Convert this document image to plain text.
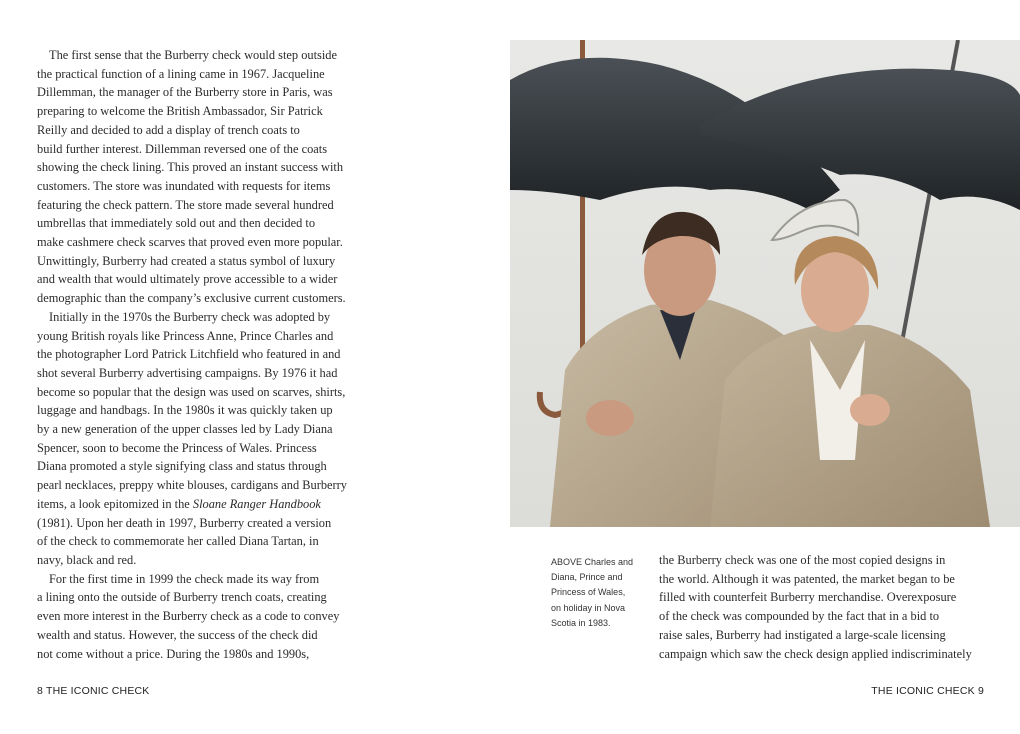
The first sense that the Burberry check would step outside
the practical function of a lining came in 1967. Jacqueline
Dillemman, the manager of the Burberry store in Paris, was
preparing to welcome the British Ambassador, Sir Patrick
Reilly and decided to add a display of trench coats to
build further interest. Dillemman reversed one of the coats
showing the check lining. This proved an instant success with
customers. The store was inundated with requests for items
featuring the check pattern. The store made several hundred
umbrellas that immediately sold out and then decided to
make cashmere check scarves that proved even more popular.
Unwittingly, Burberry had created a status symbol of luxury
and wealth that would ultimately prove accessible to a wider
demographic than the company’s exclusive current customers.
Initially in the 1970s the Burberry check was adopted by
young British royals like Princess Anne, Prince Charles and
the photographer Lord Patrick Litchfield who featured in and
shot several Burberry advertising campaigns. By 1976 it had
become so popular that the design was used on scarves, shirts,
luggage and handbags. In the 1980s it was quickly taken up
by a new generation of the upper classes led by Lady Diana
Spencer, soon to become the Princess of Wales. Princess
Diana promoted a style signifying class and status through
pearl necklaces, preppy white blouses, cardigans and Burberry
items, a look epitomized in the Sloane Ranger Handbook
(1981). Upon her death in 1997, Burberry created a version
of the check to commemorate her called Diana Tartan, in
navy, black and red.
For the first time in 1999 the check made its way from
a lining onto the outside of Burberry trench coats, creating
even more interest in the Burberry check as a code to convey
wealth and status. However, the success of the check did
not come without a price. During the 1980s and 1990s,
8 THE ICONIC CHECK
ABOVE Charles and
Diana, Prince and
Princess of Wales,
on holiday in Nova
Scotia in 1983.
the Burberry check was one of the most copied designs in
the world. Although it was patented, the market began to be
filled with counterfeit Burberry merchandise. Overexposure
of the check was compounded by the fact that in a bid to
raise sales, Burberry had instigated a large-scale licensing
campaign which saw the check design applied indiscriminately
THE ICONIC CHECK 9
